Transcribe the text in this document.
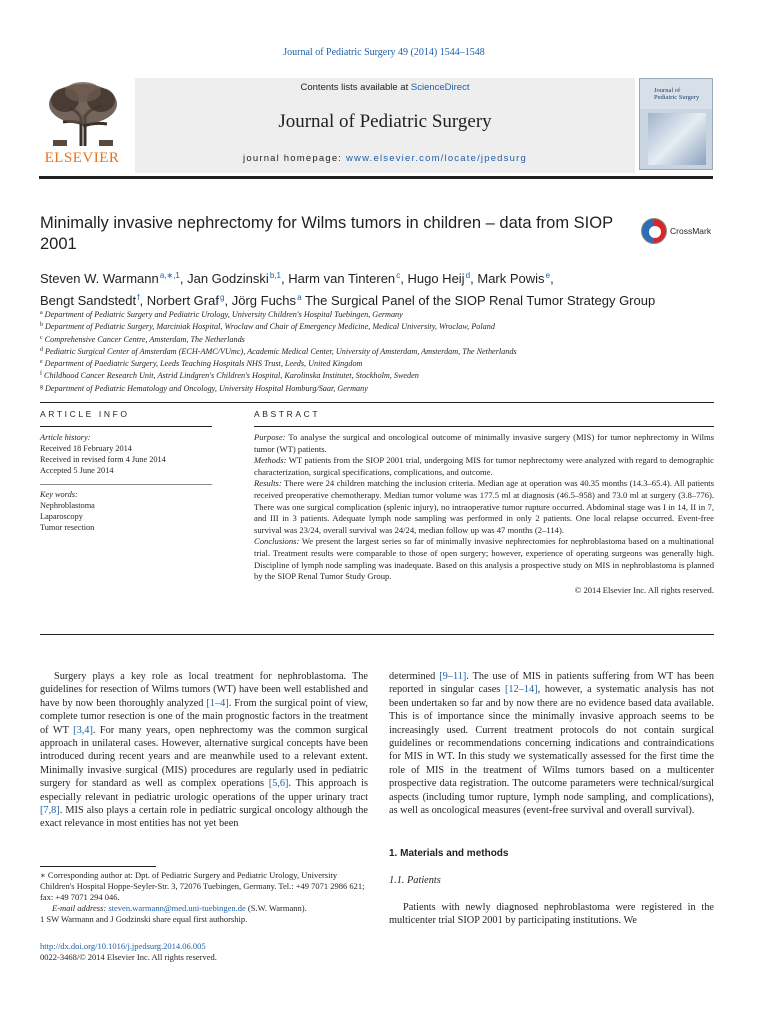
Journal of Pediatric Surgery 49 (2014) 1544–1548
ELSEVIER
Contents lists available at ScienceDirect
Journal of Pediatric Surgery
journal homepage: www.elsevier.com/locate/jpedsurg
Journal of
Pediatric Surgery
Minimally invasive nephrectomy for Wilms tumors in children – data from SIOP 2001
CrossMark
Steven W. Warmann $^{a,∗,1}$, Jan Godzinski $^{b,1}$, Harm van Tinteren $^c$, Hugo Heij $^d$, Mark Powis $^e$,
Bengt Sandstedt $^f$, Norbert Graf $^g$, Jörg Fuchs $^a$ The Surgical Panel of the SIOP Renal Tumor Strategy Group
$^a$ Department of Pediatric Surgery and Pediatric Urology, University Children's Hospital Tuebingen, Germany
$^b$ Department of Pediatric Surgery, Marciniak Hospital, Wroclaw and Chair of Emergency Medicine, Medical University, Wroclaw, Poland
$^c$ Comprehensive Cancer Centre, Amsterdam, The Netherlands
$^d$ Pediatric Surgical Center of Amsterdam (ECH-AMC/VUmc), Academic Medical Center, University of Amsterdam, Amsterdam, The Netherlands
$^e$ Department of Paediatric Surgery, Leeds Teaching Hospitals NHS Trust, Leeds, United Kingdom
$^f$ Childhood Cancer Research Unit, Astrid Lindgren's Children's Hospital, Karolinska Institutet, Stockholm, Sweden
$^g$ Department of Pediatric Hematology and Oncology, University Hospital Homburg/Saar, Germany
ARTICLE INFO	ABSTRACT
Article history:
Received 18 February 2014
Received in revised form 4 June 2014
Accepted 5 June 2014
Key words:
Nephroblastoma
Laparoscopy
Tumor resection

Purpose: To analyse the surgical and oncological outcome of minimally invasive surgery (MIS) for tumor nephrectomy in Wilms tumor (WT) patients.

Methods: WT patients from the SIOP 2001 trial, undergoing MIS for tumor nephrectomy were analyzed with regard to demographic characterization, surgical specifications, complications, and outcome.

Results: There were 24 children matching the inclusion criteria. Median age at operation was 40.35 months (14.3–65.4). All patients received preoperative chemotherapy. Median tumor volume was 177.5 ml at diagnosis (46.5–958) and 73.0 ml at surgery (3.8–776). There was one surgical complication (splenic injury), no intraoperative tumor rupture occurred. Abdominal stage was I in 14, II in 7, and III in 3 patients. Adequate lymph node sampling was performed in only 2 patients. One local relapse occurred. Event-free survival was 23/24, overall survival was 24/24, median follow up was 47 months (2–114).

Conclusions: We present the largest series so far of minimally invasive nephrectomies for nephroblastoma based on a multinational trial. Treatment results were comparable to those of open surgery; however, experience of operating surgeons was generally high. Discipline of lymph node sampling was inadequate. Based on this analysis a prospective study on MIS in nephroblastoma is planned by the SIOP Renal Tumor Study Group.

© 2014 Elsevier Inc. All rights reserved.

Surgery plays a key role as local treatment for nephroblastoma. The guidelines for resection of Wilms tumors (WT) have been well established and have by now been thoroughly analyzed [1–4]. From the surgical point of view, complete tumor resection is one of the main prognostic factors in the treatment of WT [3,4]. For many years, open nephrectomy was the common surgical approach in unilateral cases. However, alternative surgical concepts have been introduced during recent years and are meanwhile used to a relevant extent. Minimally invasive surgical (MIS) procedures are regularly used in pediatric surgery for standard as well as complex operations [5,6]. This approach is especially relevant in pediatric urologic operations of the upper urinary tract [7,8]. MIS also plays a certain role in pediatric surgical oncology although the exact relevance in most entities has not yet been

∗ Corresponding author at: Dpt. of Pediatric Surgery and Pediatric Urology, University Children's Hospital Hoppe-Seyler-Str. 3, 72076 Tuebingen, Germany. Tel.: +49 7071 2986 621; fax: +49 7071 294 046.
E-mail address: steven.warmann@med.uni-tuebingen.de (S.W. Warmann).
1 SW Warmann and J Godzinski share equal first authorship.
http://dx.doi.org/10.1016/j.jpedsurg.2014.06.005
0022-3468/© 2014 Elsevier Inc. All rights reserved.

determined [9–11]. The use of MIS in patients suffering from WT has been reported in singular cases [12–14], however, a systematic analysis has not been undertaken so far and by now there are no evidence based data available. This is of importance since the minimally invasive approach seems to be increasingly used. Current treatment protocols do not contain surgical guidelines or recommendations concerning indications and contraindications for MIS in WT. In this study we systematically assessed for the first time the role of MIS in the treatment of Wilms tumors based on a multicenter prospective data registration. The outcome parameters were technical/surgical aspects (including tumor rupture, lymph node sampling, and complications), as well as oncological measures (event-free survival and overall survival).

1. Materials and methods
1.1. Patients

Patients with newly diagnosed nephroblastoma were registered in the multicenter trial SIOP 2001 by participating institutions. We
